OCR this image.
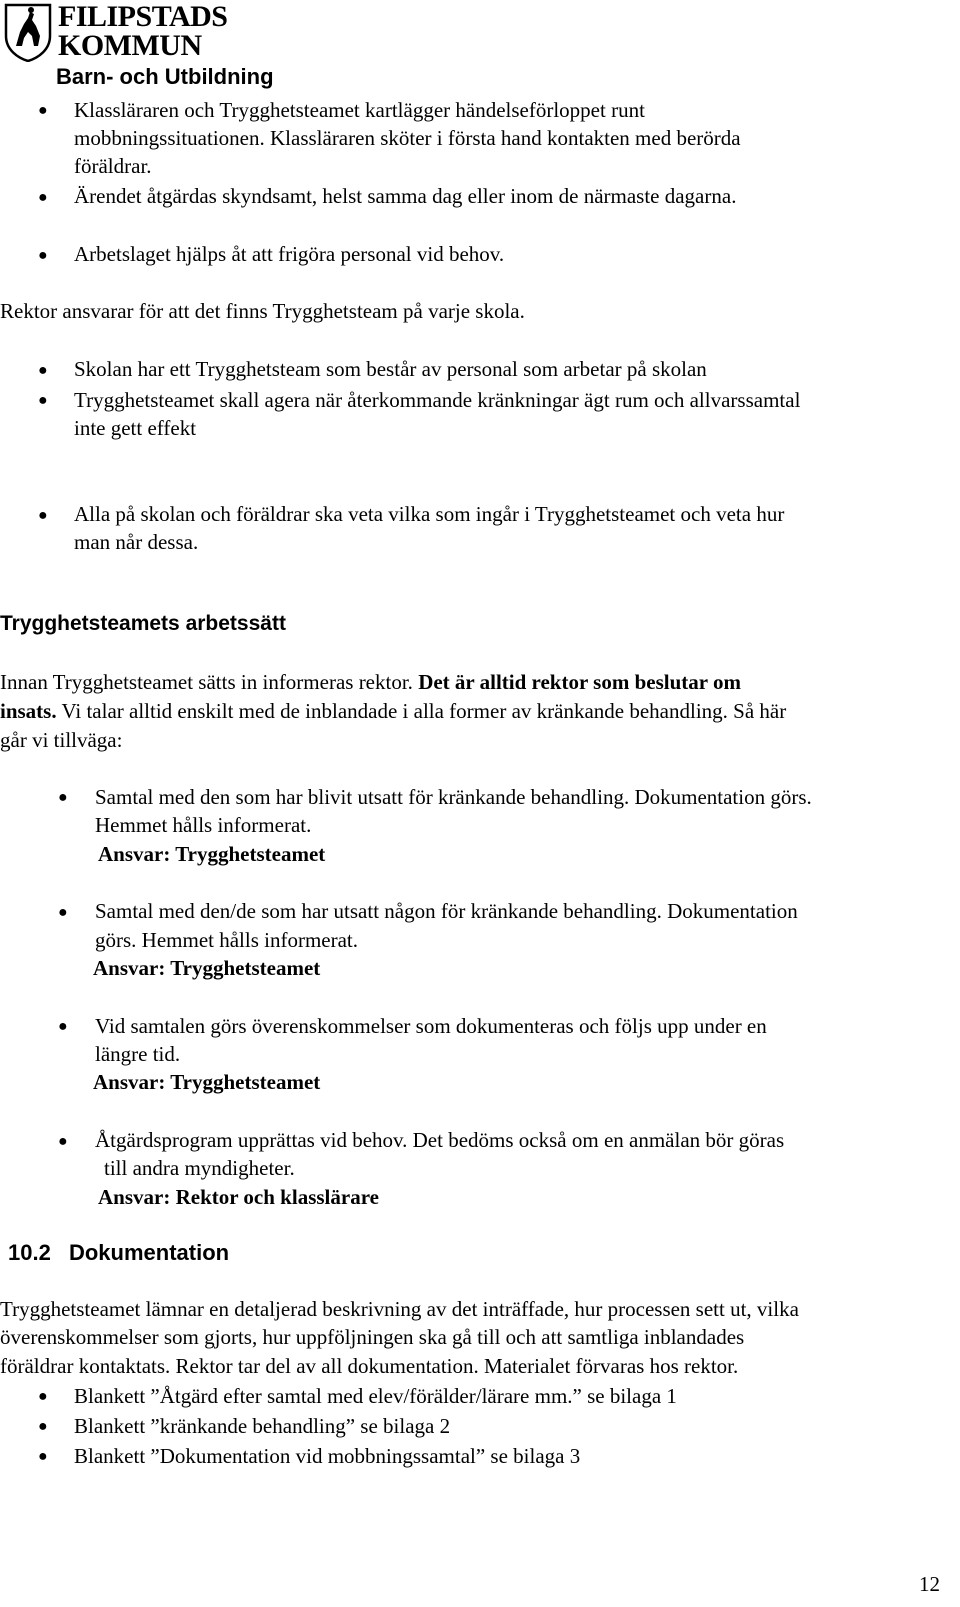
FILIPSTADS
KOMMUN
Barn- och Utbildning
● Klassläraren och Trygghetsteamet kartlägger händelseförloppet runt
mobbningssituationen. Klassläraren sköter i första hand kontakten med berörda
föräldrar.
● Ärendet åtgärdas skyndsamt, helst samma dag eller inom de närmaste dagarna.
● Arbetslaget hjälps åt att frigöra personal vid behov.
Rektor ansvarar för att det finns Trygghetsteam på varje skola.
● Skolan har ett Trygghetsteam som består av personal som arbetar på skolan
● Trygghetsteamet skall agera när återkommande kränkningar ägt rum och allvarssamtal
inte gett effekt
● Alla på skolan och föräldrar ska veta vilka som ingår i Trygghetsteamet och veta hur
man når dessa.
Trygghetsteamets arbetssätt
Innan Trygghetsteamet sätts in informeras rektor. Det är alltid rektor som beslutar om
insats. Vi talar alltid enskilt med de inblandade i alla former av kränkande behandling. Så här
går vi tillväga:
● Samtal med den som har blivit utsatt för kränkande behandling. Dokumentation görs.
Hemmet hålls informerat.
Ansvar: Trygghetsteamet
● Samtal med den/de som har utsatt någon för kränkande behandling. Dokumentation
görs. Hemmet hålls informerat.
Ansvar: Trygghetsteamet
● Vid samtalen görs överenskommelser som dokumenteras och följs upp under en
längre tid.
Ansvar: Trygghetsteamet
● Åtgärdsprogram upprättas vid behov. Det bedöms också om en anmälan bör göras
till andra myndigheter.
Ansvar: Rektor och klasslärare
10.2 Dokumentation
Trygghetsteamet lämnar en detaljerad beskrivning av det inträffade, hur processen sett ut, vilka
överenskommelser som gjorts, hur uppföljningen ska gå till och att samtliga inblandades
föräldrar kontaktats. Rektor tar del av all dokumentation. Materialet förvaras hos rektor.
● Blankett ”Åtgärd efter samtal med elev/förälder/lärare mm.” se bilaga 1
● Blankett ”kränkande behandling” se bilaga 2
● Blankett ”Dokumentation vid mobbningssamtal” se bilaga 3
12
